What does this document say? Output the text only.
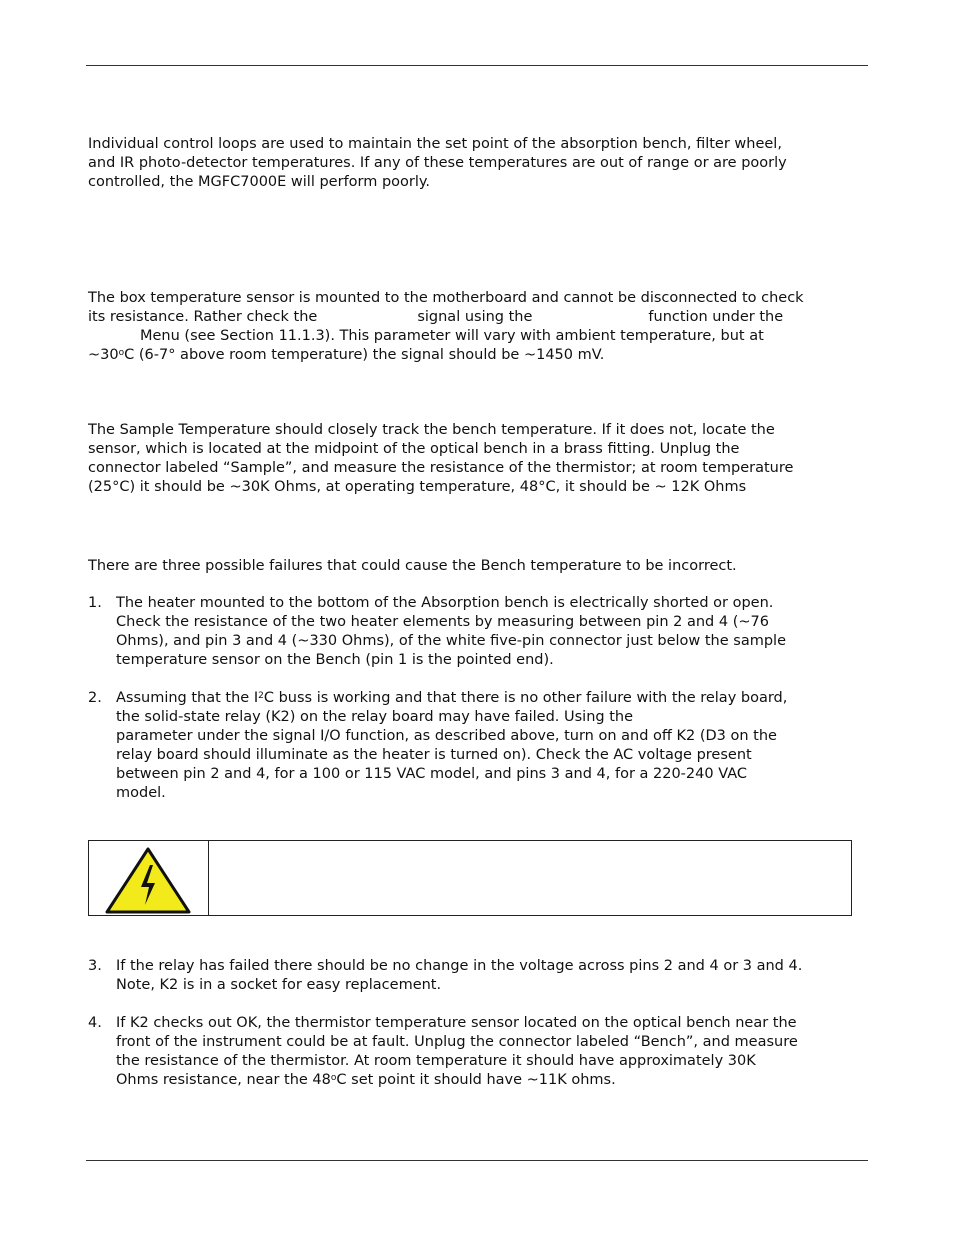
Individual control loops are used to maintain the set point of the absorption bench, filter wheel,
and IR photo-detector temperatures. If any of these temperatures are out of range or are poorly
controlled, the MGFC7000E will perform poorly.
The box temperature sensor is mounted to the motherboard and cannot be disconnected to check
its resistance. Rather check the	signal using the	function under the
Menu (see Section 11.1.3). This parameter will vary with ambient temperature, but at
~30$^o$C (6-7° above room temperature) the signal should be ~1450 mV.
The Sample Temperature should closely track the bench temperature. If it does not, locate the
sensor, which is located at the midpoint of the optical bench in a brass fitting. Unplug the
connector labeled “Sample”, and measure the resistance of the thermistor; at room temperature
(25°C) it should be ~30K Ohms, at operating temperature, 48°C, it should be ~ 12K Ohms
There are three possible failures that could cause the Bench temperature to be incorrect.
1. The heater mounted to the bottom of the Absorption bench is electrically shorted or open.
Check the resistance of the two heater elements by measuring between pin 2 and 4 (~76
Ohms), and pin 3 and 4 (~330 Ohms), of the white five-pin connector just below the sample
temperature sensor on the Bench (pin 1 is the pointed end).
2. Assuming that the $I^2C$ buss is working and that there is no other failure with the relay board,
the solid-state relay (K2) on the relay board may have failed. Using the
parameter under the signal I/O function, as described above, turn on and off K2 (D3 on the
relay board should illuminate as the heater is turned on). Check the AC voltage present
between pin 2 and 4, for a 100 or 115 VAC model, and pins 3 and 4, for a 220-240 VAC
model.
3. If the relay has failed there should be no change in the voltage across pins 2 and 4 or 3 and 4.
Note, K2 is in a socket for easy replacement.
4. If K2 checks out OK, the thermistor temperature sensor located on the optical bench near the
front of the instrument could be at fault. Unplug the connector labeled “Bench”, and measure
the resistance of the thermistor. At room temperature it should have approximately 30K
Ohms resistance, near the 48$^o$C set point it should have ~11K ohms.
